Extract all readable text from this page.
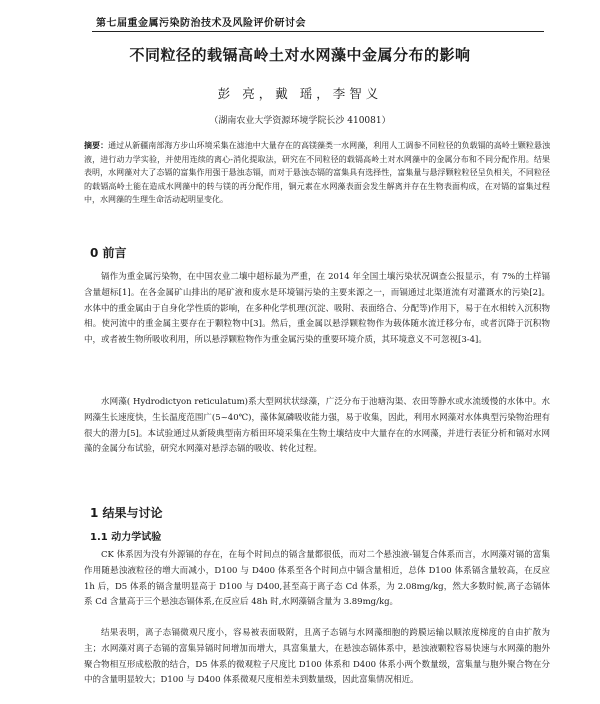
第七届重金属污染防治技术及风险评价研讨会
不同粒径的载镉高岭土对水网藻中金属分布的影响
彭 亮，戴 瑶，李智义
（湖南农业大学资源环境学院长沙 410081）
摘要：通过从新疆南部海方步山环境采集在滤池中大量存在的高镁藻类一水网藻，利用人工调参不同粒径的负载镉的高岭土颗粒悬浊液，进行动力学实验，并使用连续的离心-消化提取法，研究在不同粒径的载镉高岭土对水网藻中的金属分布和不同分配作用。结果表明，水网藻对大了态镉的富集作用强于悬浊态镉，而对于悬浊态镉的富集具有选择性，富集量与悬浮颗粒粒径呈负相关，不同粒径的载镉高岭土能在造成水网藻中的转与镁的再分配作用，铜元素在水网藻表面会发生解离并存在生物表面构成，在对镉的富集过程中，水网藻的生理生命活动起明显变化。
0 前言
镉作为重金属污染物，在中国农业二壤中超标最为严重，在 2014 年全国土壤污染状况调查公报显示，有 7%的土样镉含量超标[1]。在各金属矿山排出的尾矿液和废水是环境镉污染的主要来源之一，而镉通过北渠道流有对灌溉水的污染[2]。水体中的重金属由于自身化学性质的影响，在多种化学机理(沉淀、吸附、表面络合、分配等)作用下，易于在水相转入沉积物相。使河流中的重金属主要存在于颗粒物中[3]。然后，重金属以悬浮颗粒物作为载体随水流迁移分布，或者沉降于沉积物中，或者被生物所吸收利用，所以悬浮颗粒物作为重金属污染的重要环境介质，其环境意义不可忽视[3-4]。
水网藻( Hydrodictyon reticulatum)系大型网状状绿藻，广泛分布于池塘沟渠、农田等静水或水流缓慢的水体中。水网藻生长速度快，生长温度范围广(5~40℃)，藻体氮磷吸收能力强，易于收集，因此，利用水网藻对水体典型污染物治理有很大的潜力[5]。本试验通过从新陵典型南方稻田环境采集在生物土壤结皮中大量存在的水网藻，并进行表征分析和镉对水网藻的金属分布试验，研究水网藻对悬浮态镉的吸收、转化过程。
1 结果与讨论
1.1 动力学试验
CK 体系因为没有外源镉的存在，在每个时间点的镉含量都很低，而对二个悬浊液-镉复合体系而言，水网藻对镉的富集作用随悬浊液粒径的增大而减小，D100 与 D400 体系至各个时间点中镉含量相近，总体 D100 体系镉含量较高，在反应 1h 后，D5 体系的镉含量明显高于 D100 与 D400,甚至高于离子态 Cd 体系，为 2.08mg/kg，然大多数时候,离子态镉体系 Cd 含量高于三个悬浊态镉体系,在反应后 48h 时,水网藻镉含量为 3.89mg/kg。
结果表明，离子态镉微观尺度小，容易被表面吸附，且离子态镉与水网藻细胞的跨膜运输以顺浓度梯度的自由扩散为主；水网藻对离子态镉的富集异镉时间增加而增大，具富集量大，在悬浊态镉体系中，悬浊液颗粒容易快速与水网藻的胞外聚合物相互形成松散的结合，D5 体系的微观粒子尺度比 D100 体系和 D400 体系小两个数量级，富集量与胞外聚合物在分中的含量明显较大；D100 与 D400 体系微观尺度相差未到数量级，因此富集情况相近。
